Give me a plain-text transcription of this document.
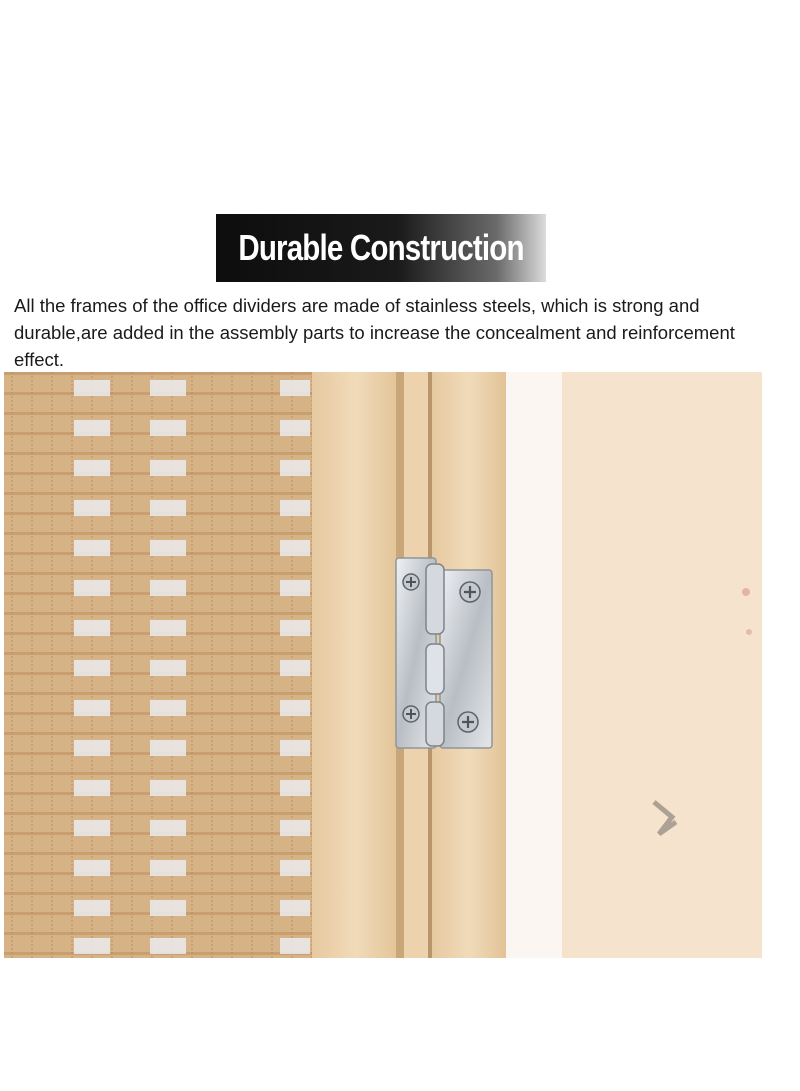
Durable Construction

All the frames of the office dividers are made of stainless steels, which is strong and durable,are added in the assembly parts to increase the concealment and reinforcement effect.
